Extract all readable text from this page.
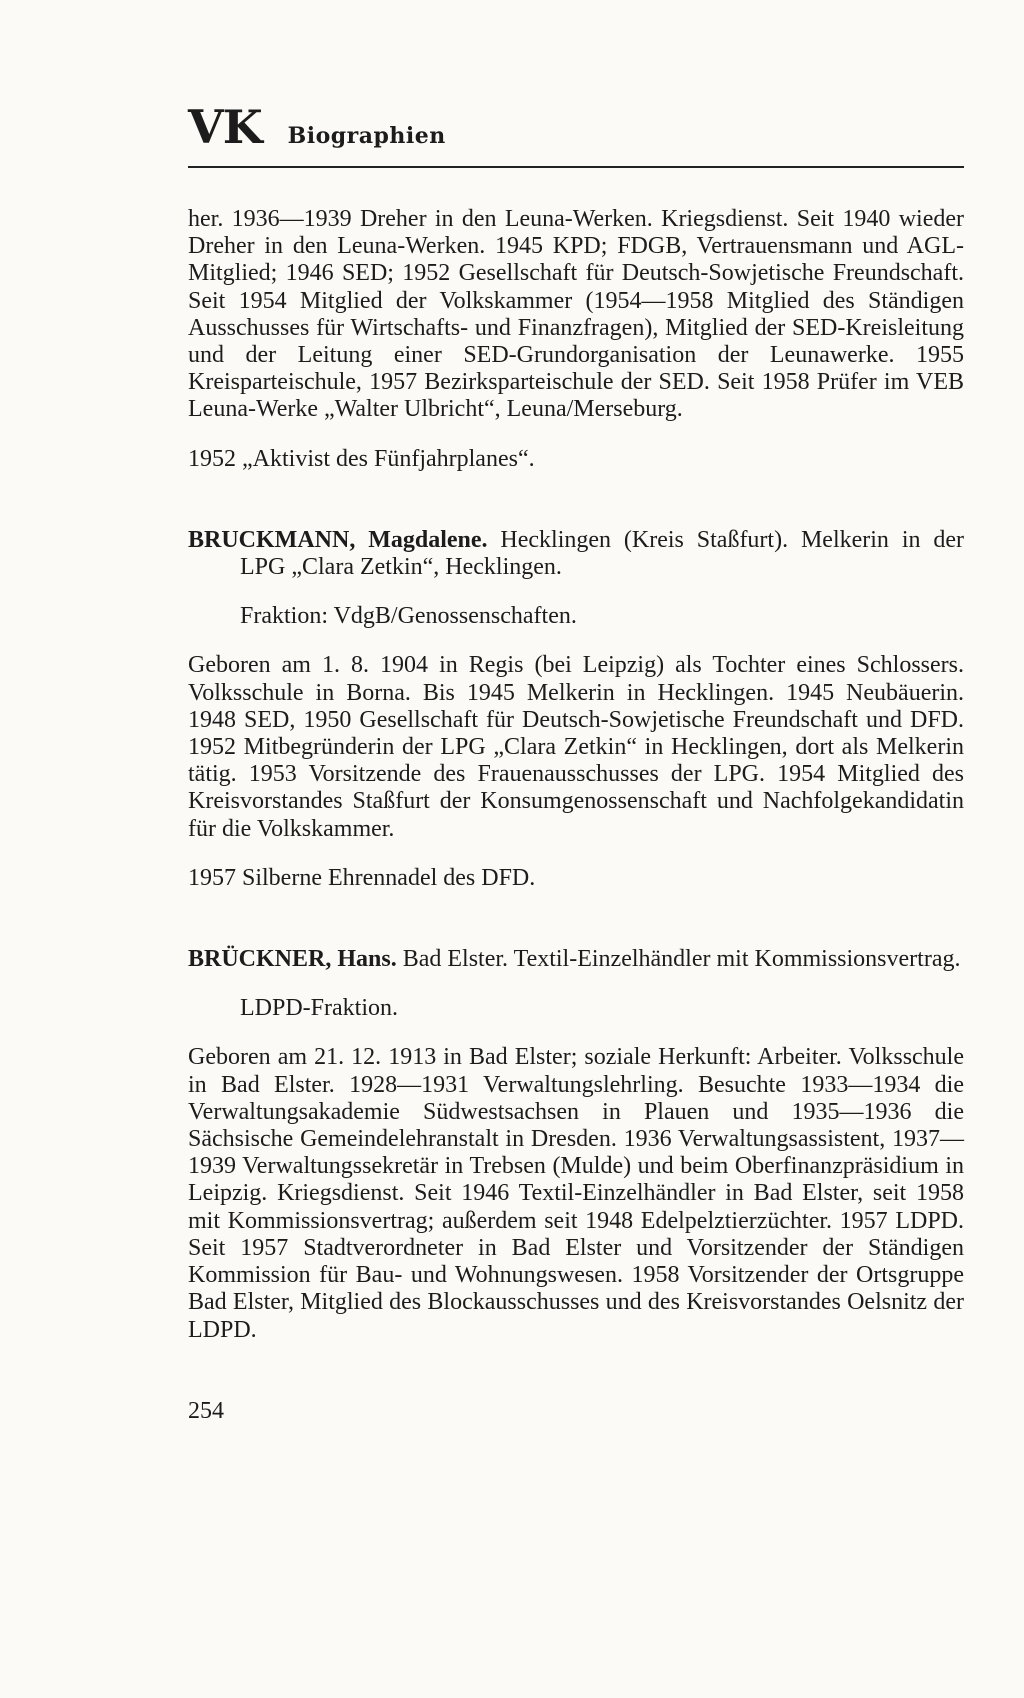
VK Biographien

her. 1936—1939 Dreher in den Leuna-Werken. Kriegsdienst. Seit 1940 wieder Dreher in den Leuna-Werken. 1945 KPD; FDGB, Vertrauensmann und AGL-Mitglied; 1946 SED; 1952 Gesellschaft für Deutsch-Sowjetische Freundschaft. Seit 1954 Mitglied der Volkskammer (1954—1958 Mitglied des Ständigen Ausschusses für Wirtschafts- und Finanzfragen), Mitglied der SED-Kreisleitung und der Leitung einer SED-Grundorganisation der Leunawerke. 1955 Kreisparteischule, 1957 Bezirksparteischule der SED. Seit 1958 Prüfer im VEB Leuna-Werke „Walter Ulbricht“, Leuna/Merseburg.

1952 „Aktivist des Fünfjahrplanes“.

BRUCKMANN, Magdalene. Hecklingen (Kreis Staßfurt). Melkerin in der LPG „Clara Zetkin“, Hecklingen.

Fraktion: VdgB/Genossenschaften.

Geboren am 1. 8. 1904 in Regis (bei Leipzig) als Tochter eines Schlossers. Volksschule in Borna. Bis 1945 Melkerin in Hecklingen. 1945 Neubäuerin. 1948 SED, 1950 Gesellschaft für Deutsch-Sowjetische Freundschaft und DFD. 1952 Mitbegründerin der LPG „Clara Zetkin“ in Hecklingen, dort als Melkerin tätig. 1953 Vorsitzende des Frauenausschusses der LPG. 1954 Mitglied des Kreisvorstandes Staßfurt der Konsumgenossenschaft und Nachfolgekandidatin für die Volkskammer.

1957 Silberne Ehrennadel des DFD.

BRÜCKNER, Hans. Bad Elster. Textil-Einzelhändler mit Kommissionsvertrag.

LDPD-Fraktion.

Geboren am 21. 12. 1913 in Bad Elster; soziale Herkunft: Arbeiter. Volksschule in Bad Elster. 1928—1931 Verwaltungslehrling. Besuchte 1933—1934 die Verwaltungsakademie Südwestsachsen in Plauen und 1935—1936 die Sächsische Gemeindelehranstalt in Dresden. 1936 Verwaltungsassistent, 1937—1939 Verwaltungssekretär in Trebsen (Mulde) und beim Oberfinanzpräsidium in Leipzig. Kriegsdienst. Seit 1946 Textil-Einzelhändler in Bad Elster, seit 1958 mit Kommissionsvertrag; außerdem seit 1948 Edelpelztierzüchter. 1957 LDPD. Seit 1957 Stadtverordneter in Bad Elster und Vorsitzender der Ständigen Kommission für Bau- und Wohnungswesen. 1958 Vorsitzender der Ortsgruppe Bad Elster, Mitglied des Blockausschusses und des Kreisvorstandes Oelsnitz der LDPD.

254
